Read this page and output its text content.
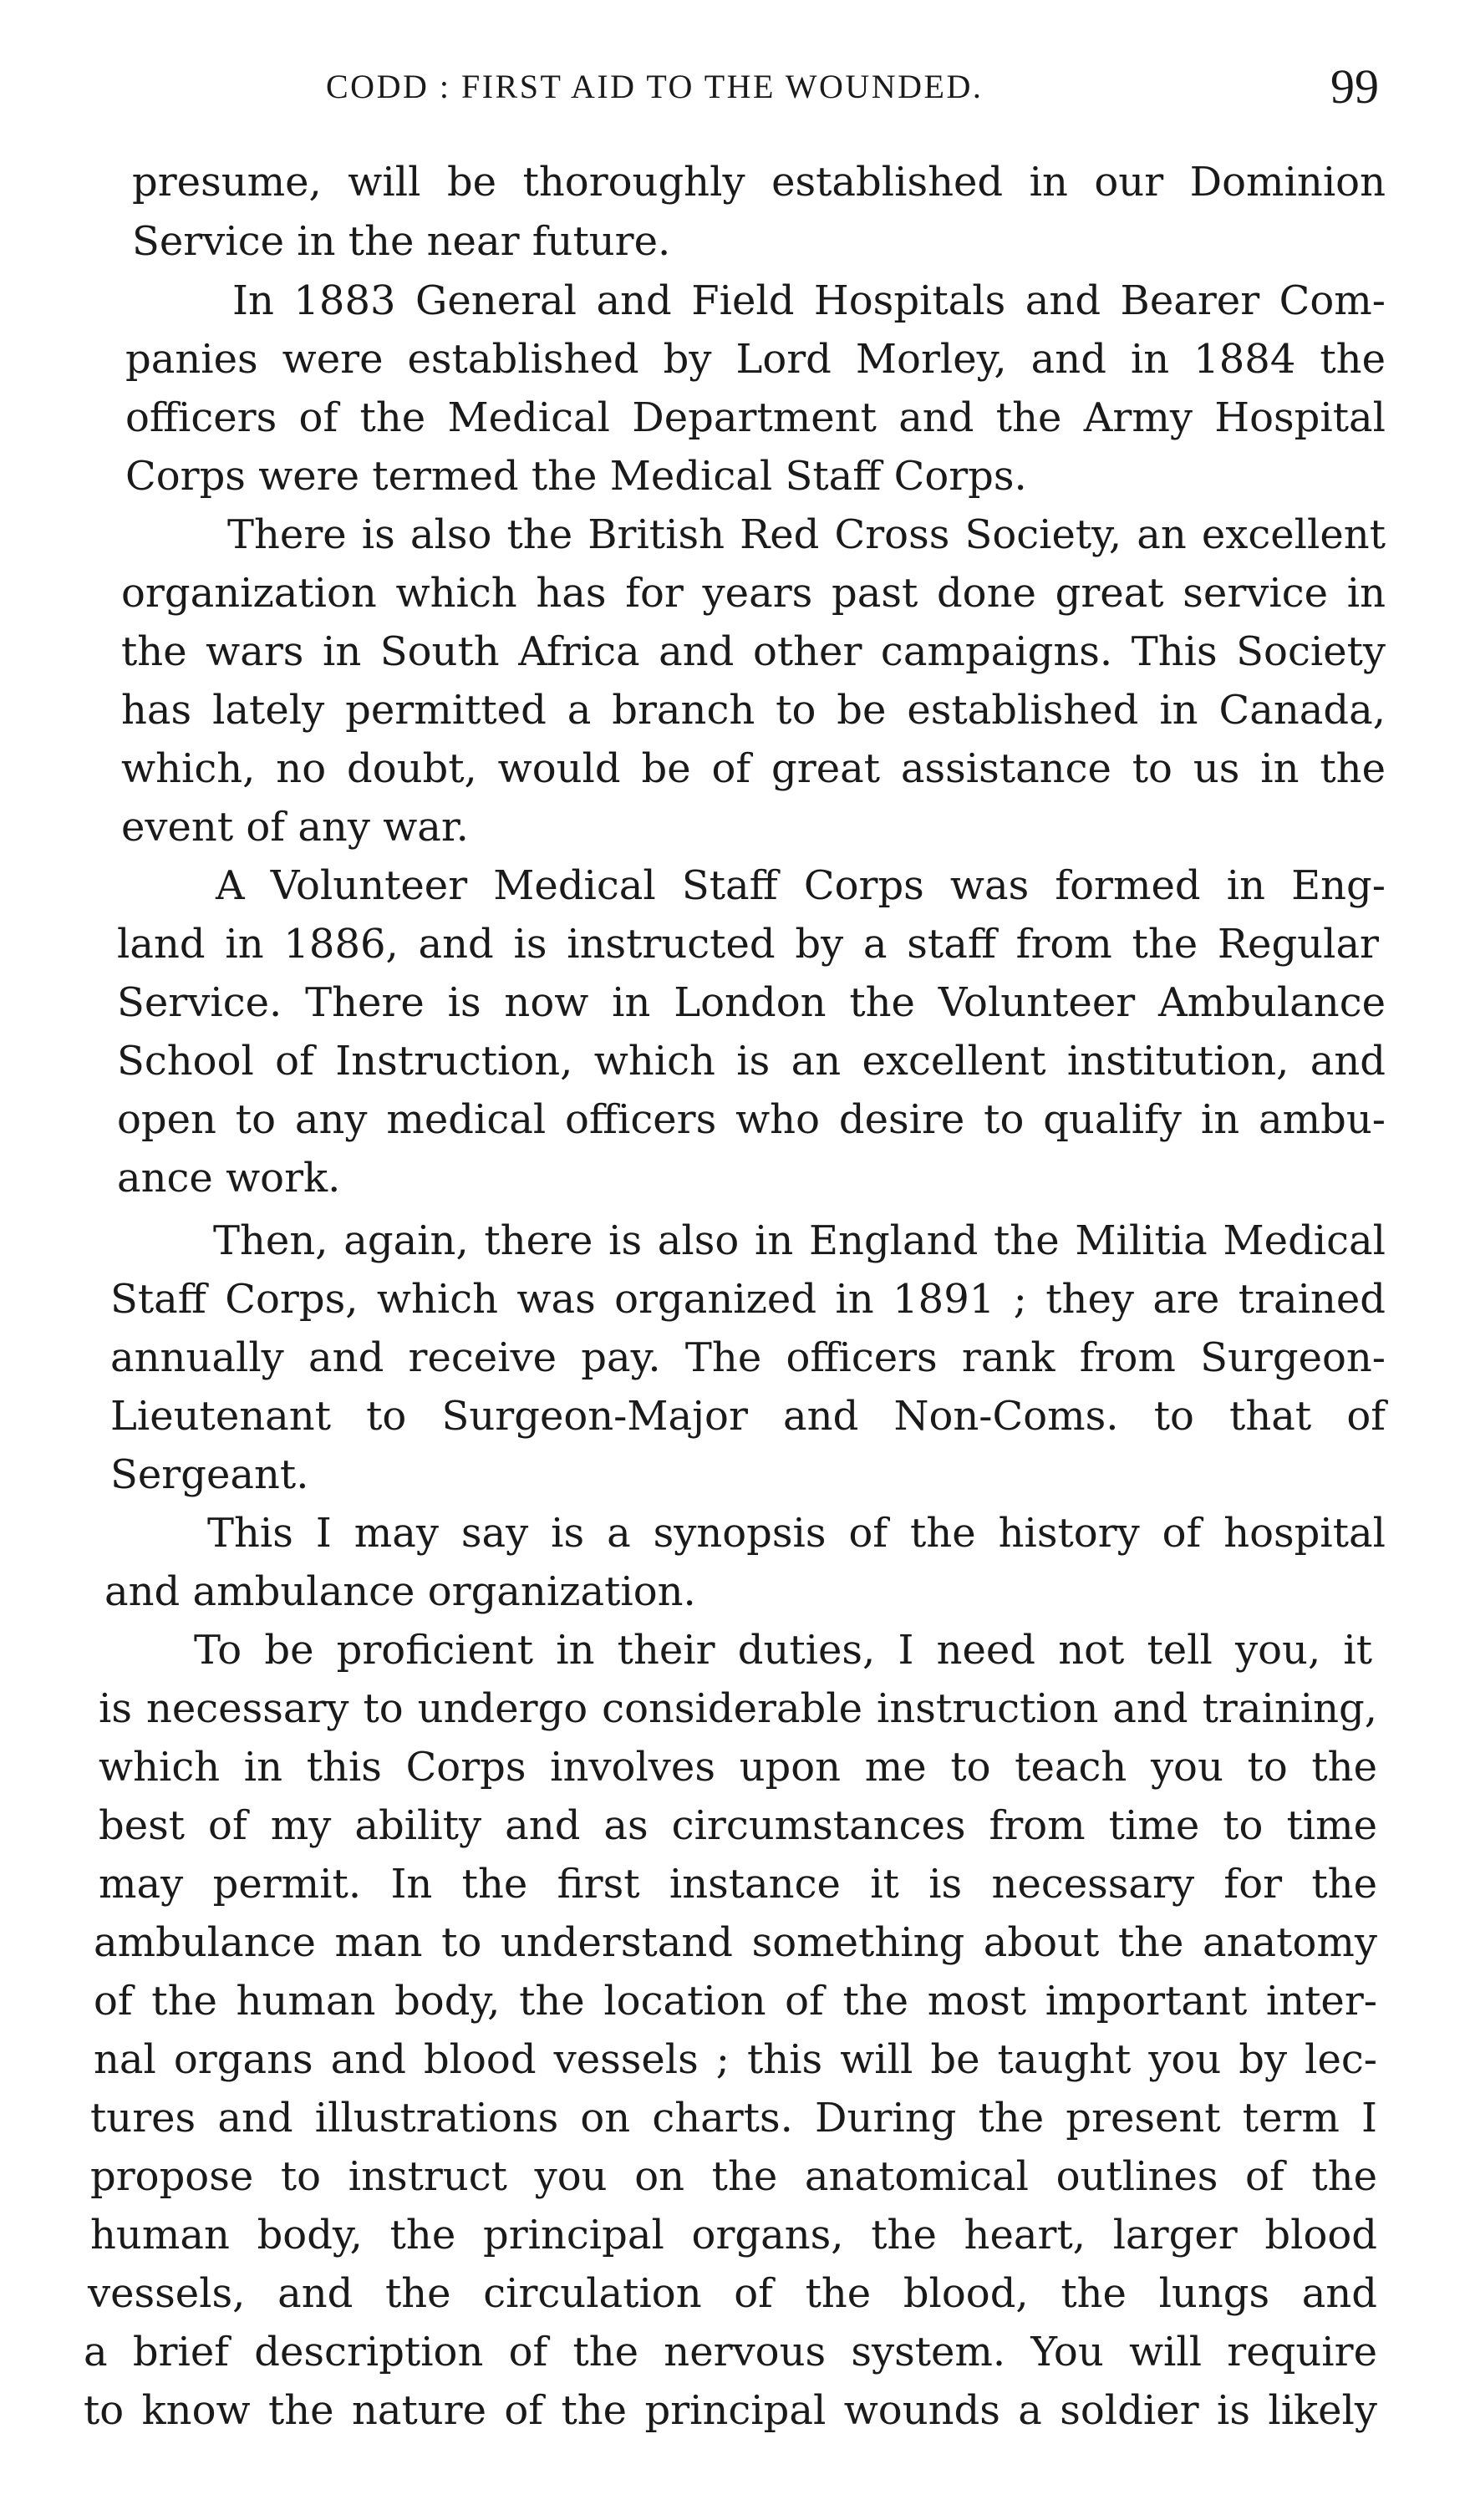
CODD : FIRST AID TO THE WOUNDED.	99
presume, will be thoroughly established in our Dominion
Service in the near future.
In 1883 General and Field Hospitals and Bearer Com-
panies were established by Lord Morley, and in 1884 the
officers of the Medical Department and the Army Hospital
Corps were termed the Medical Staff Corps.
There is also the British Red Cross Society, an excellent
organization which has for years past done great service in
the wars in South Africa and other campaigns. This Society
has lately permitted a branch to be established in Canada,
which, no doubt, would be of great assistance to us in the
event of any war.
A Volunteer Medical Staff Corps was formed in Eng-
land in 1886, and is instructed by a staff from the Regular
Service. There is now in London the Volunteer Ambulance
School of Instruction, which is an excellent institution, and
open to any medical officers who desire to qualify in ambu-
ance work.
Then, again, there is also in England the Militia Medical
Staff Corps, which was organized in 1891 ; they are trained
annually and receive pay. The officers rank from Surgeon-
Lieutenant to Surgeon-Major and Non-Coms. to that of
Sergeant.
This I may say is a synopsis of the history of hospital
and ambulance organization.
To be proficient in their duties, I need not tell you, it
is necessary to undergo considerable instruction and training,
which in this Corps involves upon me to teach you to the
best of my ability and as circumstances from time to time
may permit. In the first instance it is necessary for the
ambulance man to understand something about the anatomy
of the human body, the location of the most important inter-
nal organs and blood vessels ; this will be taught you by lec-
tures and illustrations on charts. During the present term I
propose to instruct you on the anatomical outlines of the
human body, the principal organs, the heart, larger blood
vessels, and the circulation of the blood, the lungs and
a brief description of the nervous system. You will require
to know the nature of the principal wounds a soldier is likely
